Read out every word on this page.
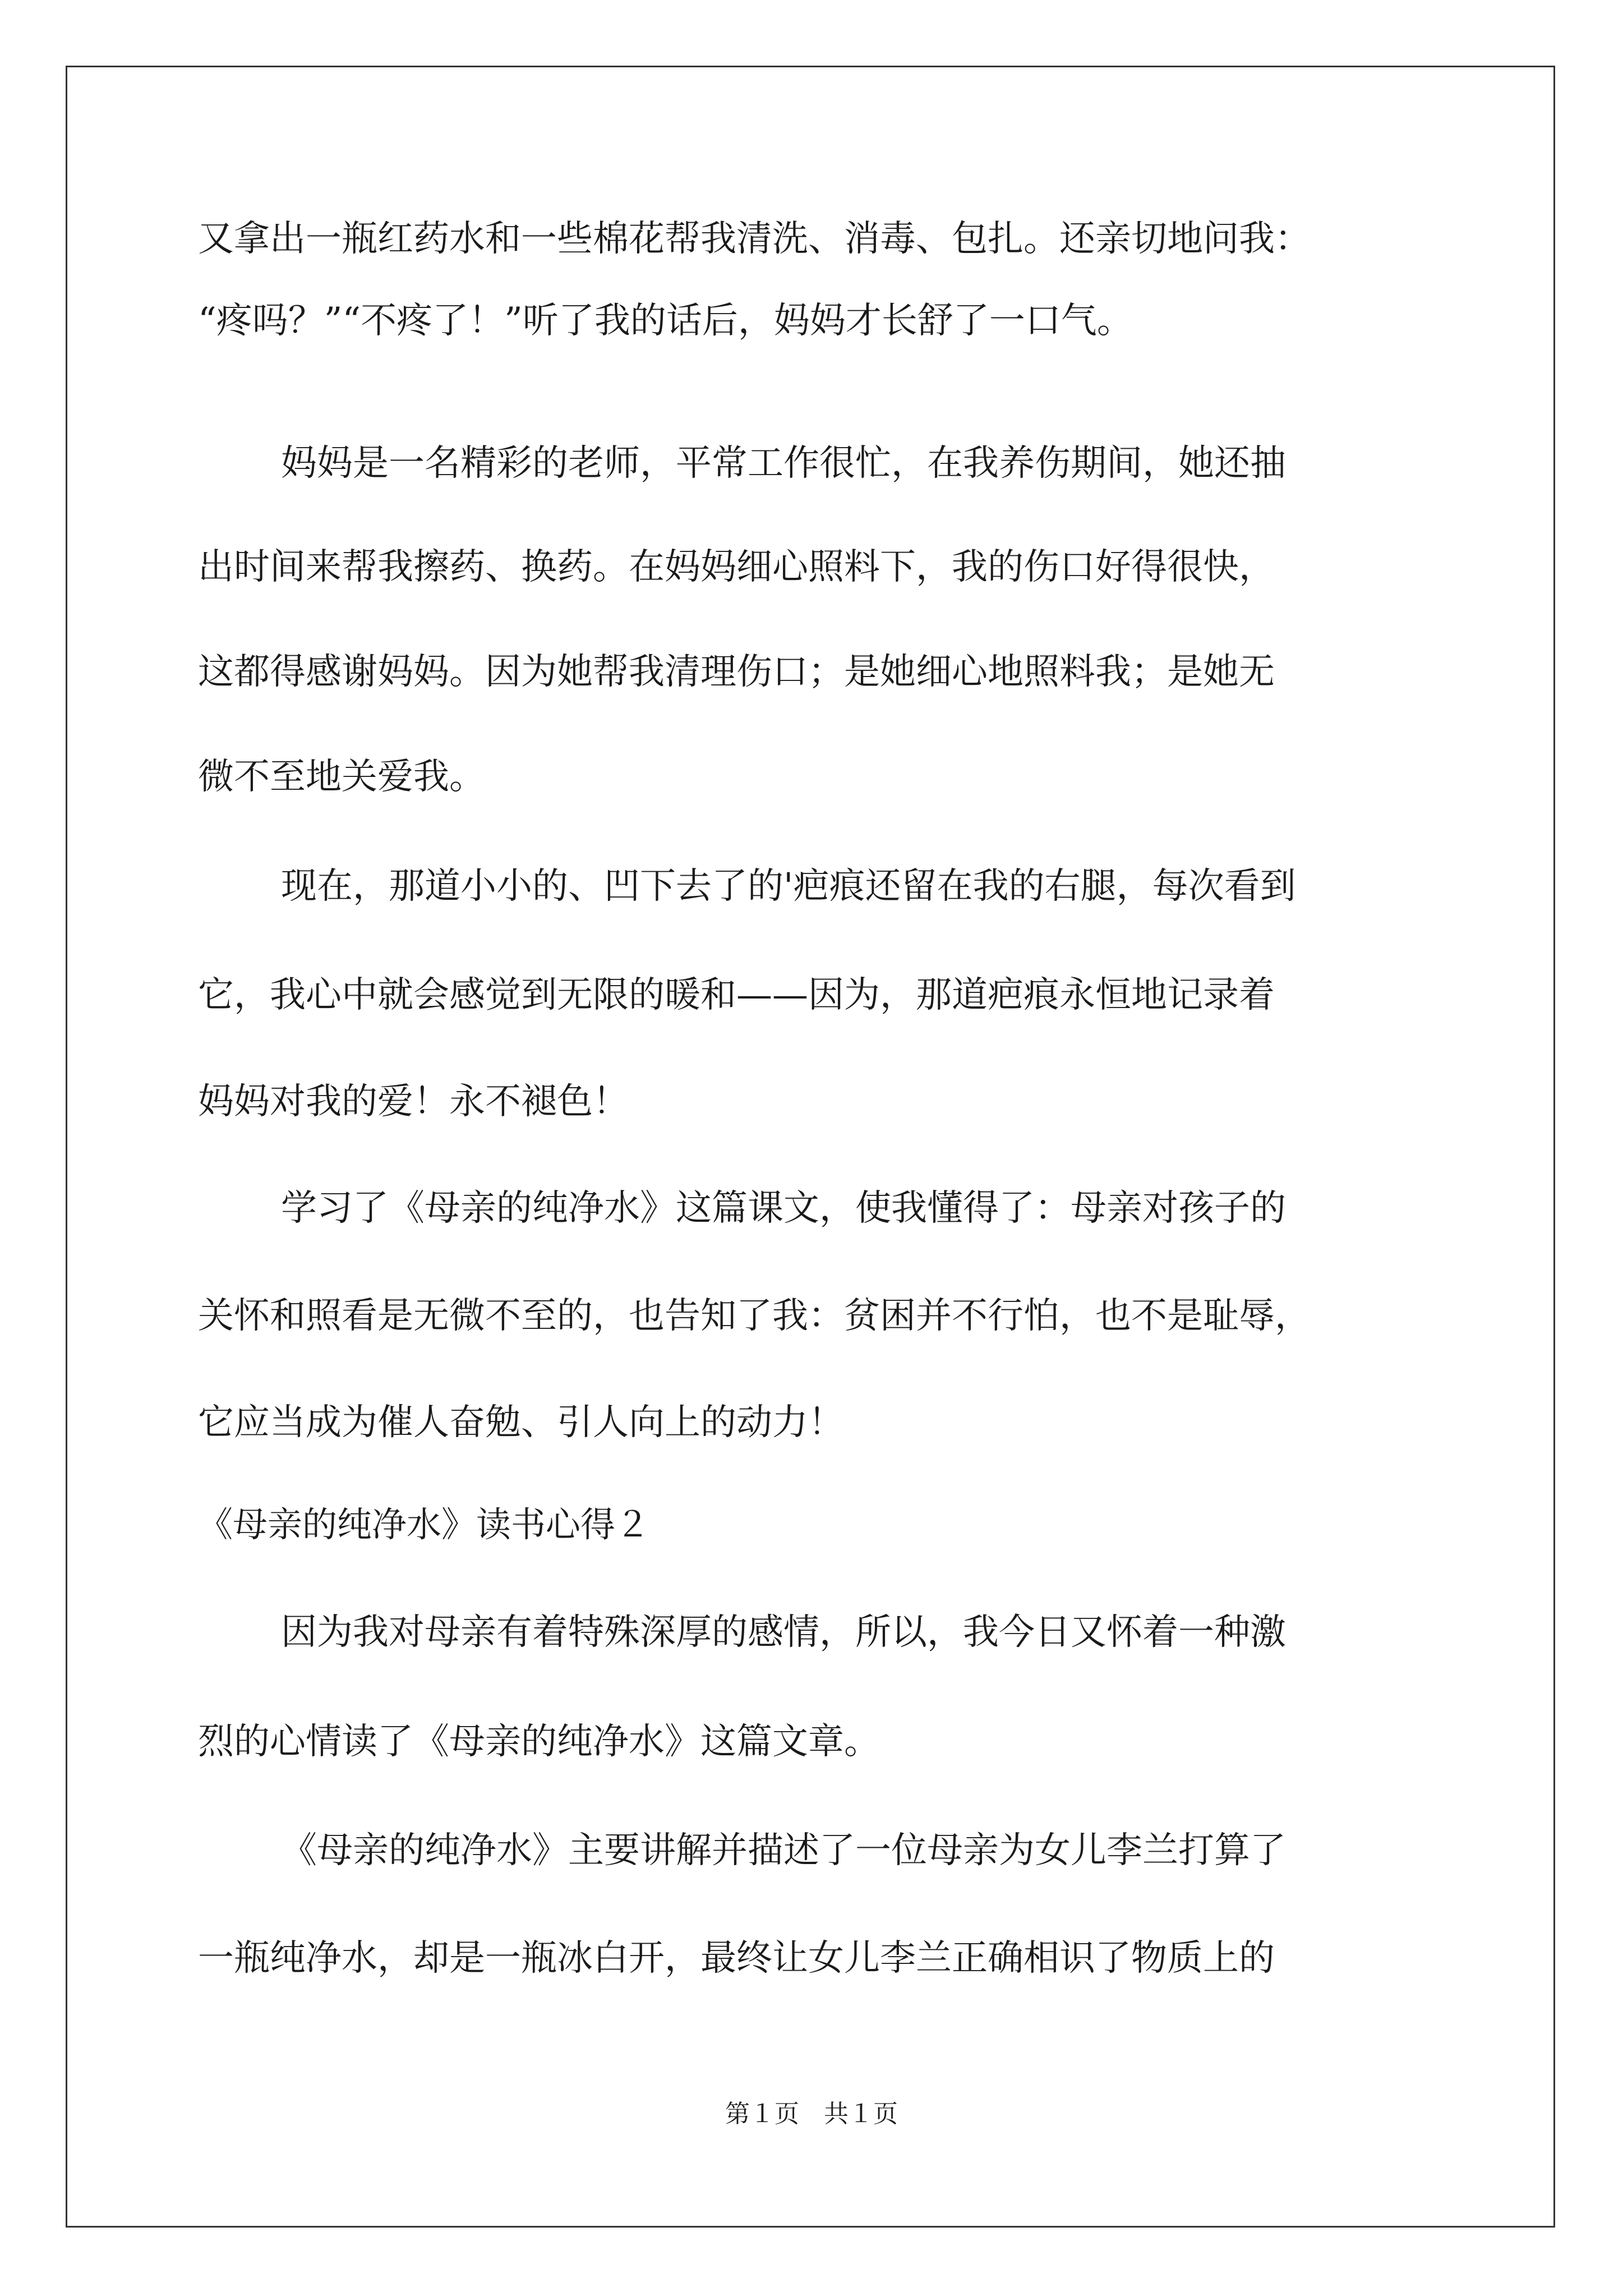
又拿出一瓶红药水和一些棉花帮我清洗、消毒、包扎。还亲切地问我：
“疼吗？”“不疼了！”听了我的话后，妈妈才长舒了一口气。
妈妈是一名精彩的老师，平常工作很忙，在我养伤期间，她还抽
出时间来帮我擦药、换药。在妈妈细心照料下，我的伤口好得很快，
这都得感谢妈妈。因为她帮我清理伤口；是她细心地照料我；是她无
微不至地关爱我。
现在，那道小小的、凹下去了的'疤痕还留在我的右腿，每次看到
它，我心中就会感觉到无限的暖和——因为，那道疤痕永恒地记录着
妈妈对我的爱！永不褪色！
学习了《母亲的纯净水》这篇课文，使我懂得了：母亲对孩子的
关怀和照看是无微不至的，也告知了我：贫困并不行怕，也不是耻辱，
它应当成为催人奋勉、引人向上的动力！
《母亲的纯净水》读书心得２
因为我对母亲有着特殊深厚的感情，所以，我今日又怀着一种激
烈的心情读了《母亲的纯净水》这篇文章。
《母亲的纯净水》主要讲解并描述了一位母亲为女儿李兰打算了
一瓶纯净水，却是一瓶冰白开，最终让女儿李兰正确相识了物质上的
第１页　共１页
